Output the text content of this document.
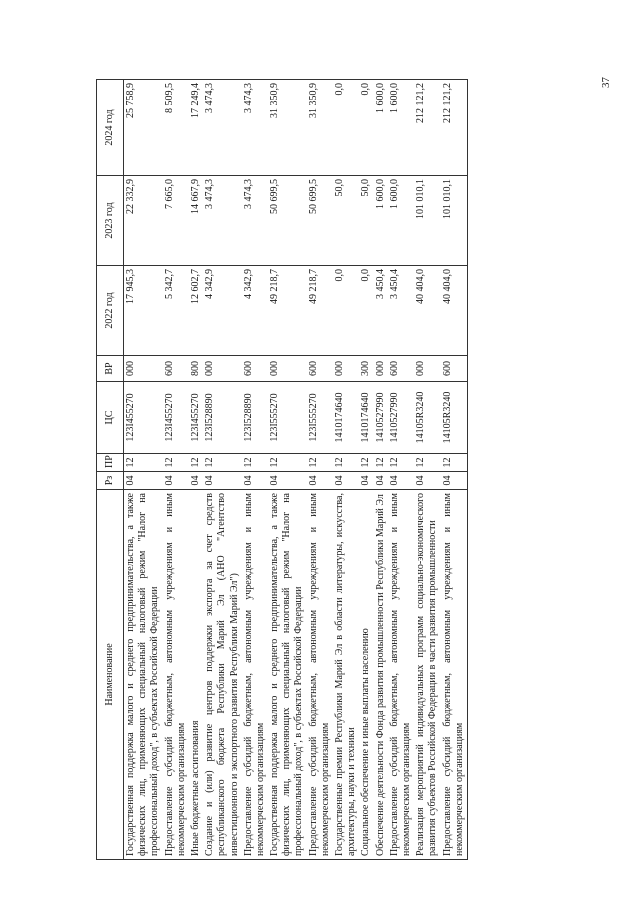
37
Наименование	Рз	ПР	ЦС	ВР	2022 год	2023 год	2024 год
Государственная поддержка малого и среднего предпринимательства, а также физических лиц, применяющих специальный налоговый режим "Налог на профессиональный доход", в субъектах Российской Федерации	04	12	123I455270	000	17 945,3	22 332,9	25 758,9
Предоставление субсидий бюджетным, автономным учреждениям и иным некоммерческим организациям	04	12	123I455270	600	5 342,7	7 665,0	8 509,5
Иные бюджетные ассигнования	04	12	123I455270	800	12 602,7	14 667,9	17 249,4
Создание и (или) развитие центров поддержки экспорта за счет средств республиканского бюджета Республики Марий Эл (АНО "Агентство инвестиционного и экспортного развития Республики Марий Эл")	04	12	123I528890	000	4 342,9	3 474,3	3 474,3
Предоставление субсидий бюджетным, автономным учреждениям и иным некоммерческим организациям	04	12	123I528890	600	4 342,9	3 474,3	3 474,3
Государственная поддержка малого и среднего предпринимательства, а также физических лиц, применяющих специальный налоговый режим "Налог на профессиональный доход", в субъектах Российской Федерации	04	12	123I555270	000	49 218,7	50 699,5	31 350,9
Предоставление субсидий бюджетным, автономным учреждениям и иным некоммерческим организациям	04	12	123I555270	600	49 218,7	50 699,5	31 350,9
Государственные премии Республики Марий Эл в области литературы, искусства, архитектуры, науки и техники	04	12	1410174640	000	0,0	50,0	0,0
Социальное обеспечение и иные выплаты населению	04	12	1410174640	300	0,0	50,0	0,0
Обеспечение деятельности Фонда развития промышленности Республики Марий Эл	04	12	1410527990	000	3 450,4	1 600,0	1 600,0
Предоставление субсидий бюджетным, автономным учреждениям и иным некоммерческим организациям	04	12	1410527990	600	3 450,4	1 600,0	1 600,0
Реализация мероприятий индивидуальных программ социально-экономического развития субъектов Российской Федерации в части развития промышленности	04	12	14105R3240	000	40 404,0	101 010,1	212 121,2
Предоставление субсидий бюджетным, автономным учреждениям и иным некоммерческим организациям	04	12	14105R3240	600	40 404,0	101 010,1	212 121,2
